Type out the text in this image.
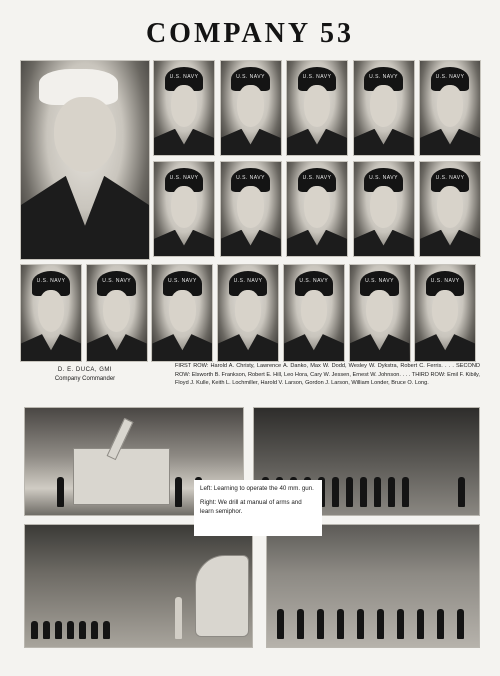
COMPANY 53
U.S. NAVY	U.S. NAVY	U.S. NAVY	U.S. NAVY	U.S. NAVY
U.S. NAVY	U.S. NAVY	U.S. NAVY	U.S. NAVY	U.S. NAVY
U.S. NAVY	U.S. NAVY	U.S. NAVY	U.S. NAVY	U.S. NAVY	U.S. NAVY	U.S. NAVY
D. E. DUCA, GMI
Company Commander
FIRST ROW: Harold A. Christy, Lawrence A. Danko, Max W. Dodd, Wesley W. Dykstra, Robert C. Ferris. . . . SECOND ROW: Elsworth B. Frankson, Robert E. Hill, Leo Hora, Cary W. Jessen, Ernest W. Johnson. . . . THIRD ROW: Emil F. Kibily, Floyd J. Kulle, Keith L. Lochmiller, Harold V. Larson, Gordon J. Larson, William Londer, Bruce O. Long.

Left: Learning to operate the 40 mm. gun.

Right: We drill at manual of arms and learn semiphor.
